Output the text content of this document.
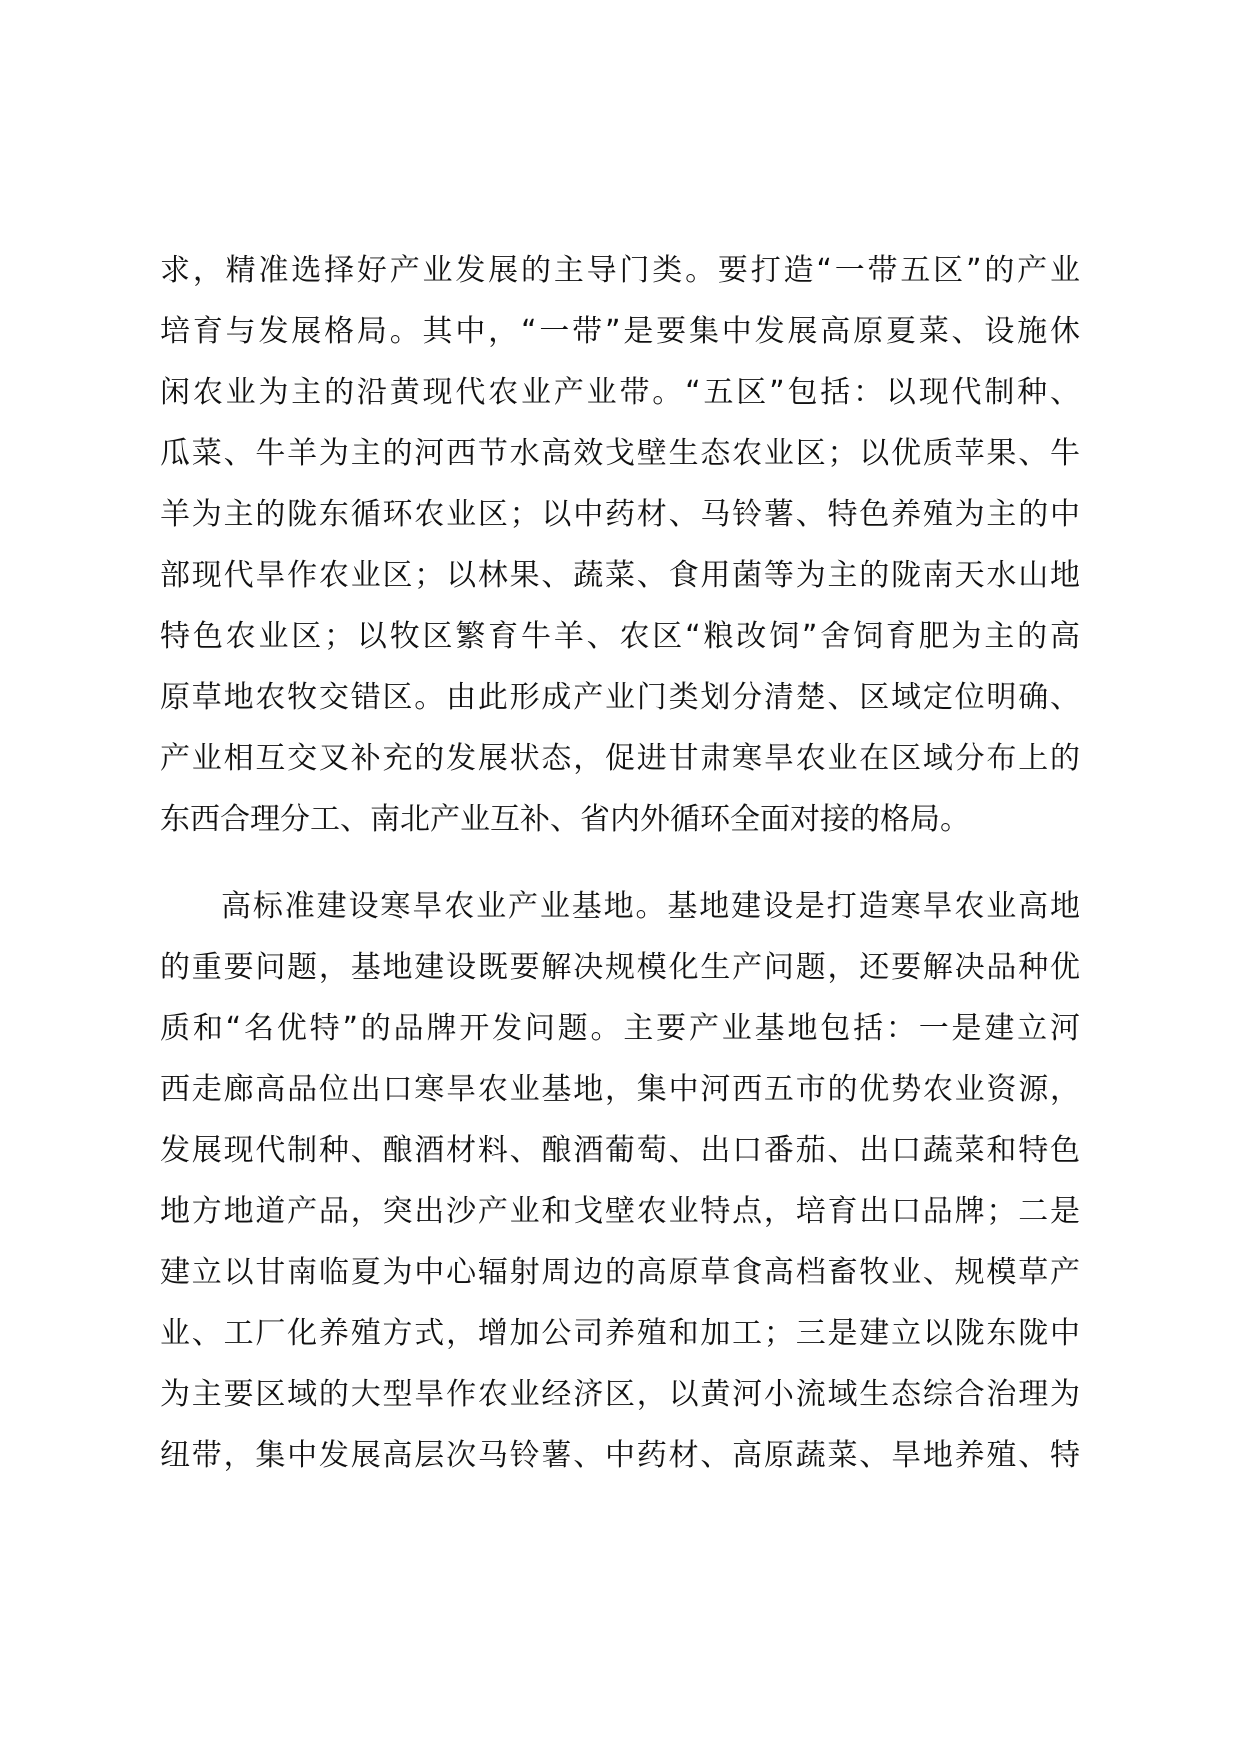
求，精准选择好产业发展的主导门类。要打造“一带五区”的产业
培育与发展格局。其中，“一带”是要集中发展高原夏菜、设施休
闲农业为主的沿黄现代农业产业带。“五区”包括：以现代制种、
瓜菜、牛羊为主的河西节水高效戈壁生态农业区；以优质苹果、牛
羊为主的陇东循环农业区；以中药材、马铃薯、特色养殖为主的中
部现代旱作农业区；以林果、蔬菜、食用菌等为主的陇南天水山地
特色农业区；以牧区繁育牛羊、农区“粮改饲”舍饲育肥为主的高
原草地农牧交错区。由此形成产业门类划分清楚、区域定位明确、
产业相互交叉补充的发展状态，促进甘肃寒旱农业在区域分布上的
东西合理分工、南北产业互补、省内外循环全面对接的格局。
高标准建设寒旱农业产业基地。基地建设是打造寒旱农业高地
的重要问题，基地建设既要解决规模化生产问题，还要解决品种优
质和“名优特”的品牌开发问题。主要产业基地包括：一是建立河
西走廊高品位出口寒旱农业基地，集中河西五市的优势农业资源，
发展现代制种、酿酒材料、酿酒葡萄、出口番茄、出口蔬菜和特色
地方地道产品，突出沙产业和戈壁农业特点，培育出口品牌；二是
建立以甘南临夏为中心辐射周边的高原草食高档畜牧业、规模草产
业、工厂化养殖方式，增加公司养殖和加工；三是建立以陇东陇中
为主要区域的大型旱作农业经济区，以黄河小流域生态综合治理为
纽带，集中发展高层次马铃薯、中药材、高原蔬菜、旱地养殖、特
